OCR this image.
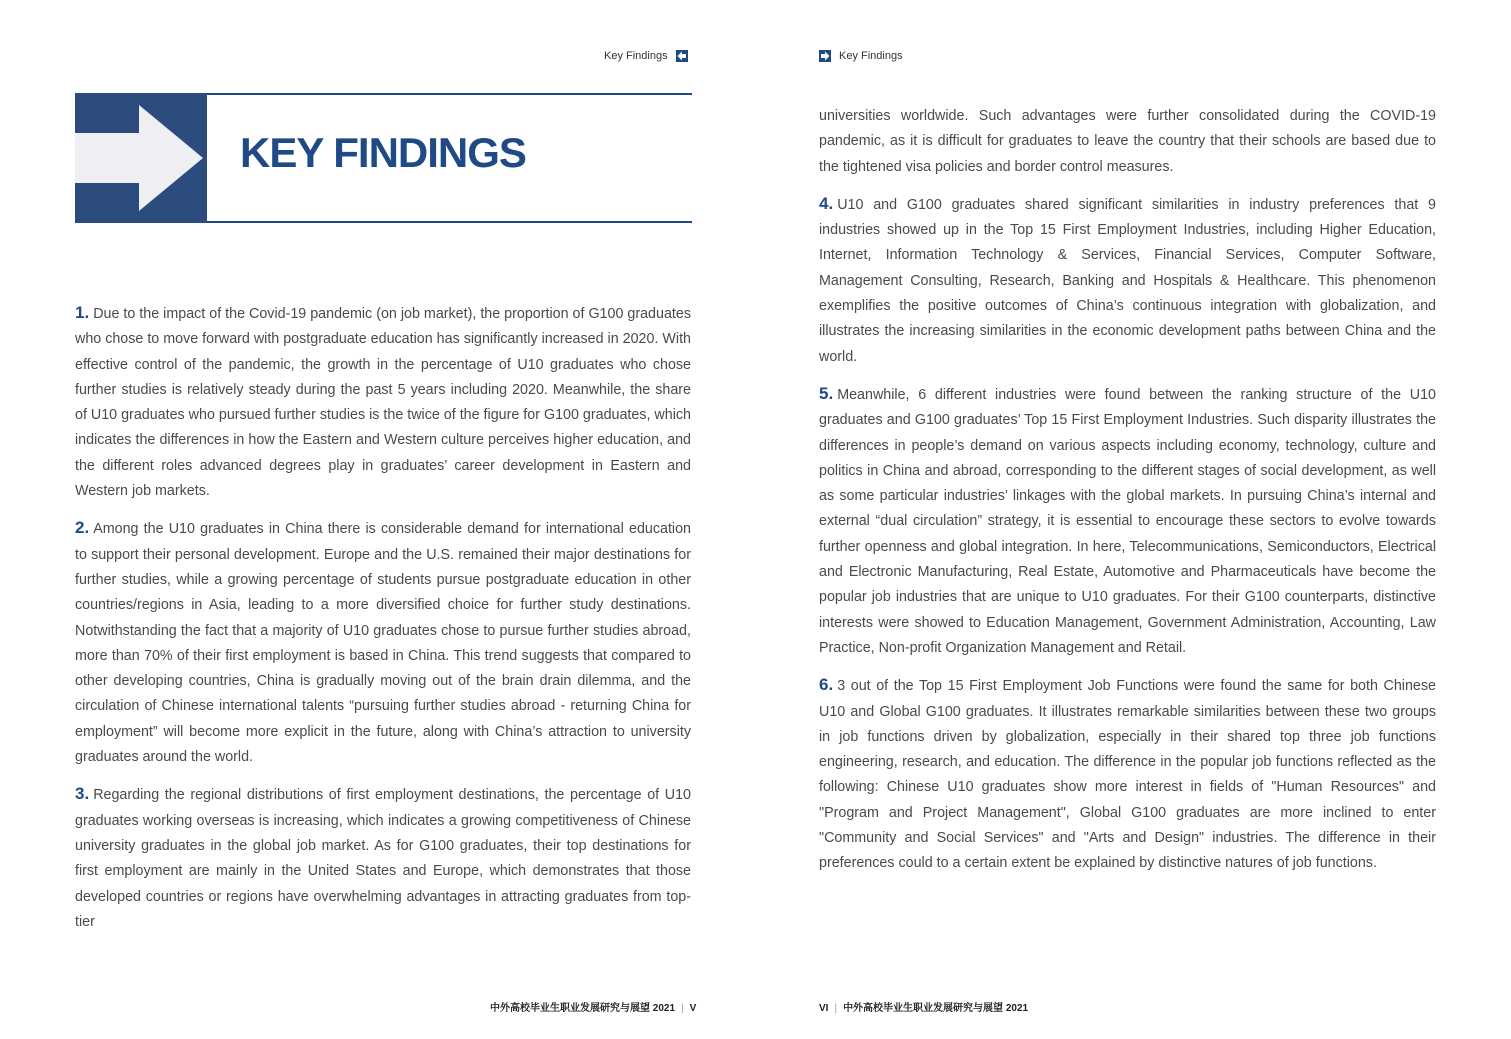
Key Findings	Key Findings
KEY FINDINGS

1. Due to the impact of the Covid-19 pandemic (on job market), the proportion of G100 graduates who chose to move forward with postgraduate education has significantly increased in 2020. With effective control of the pandemic, the growth in the percentage of U10 graduates who chose further studies is relatively steady during the past 5 years including 2020. Meanwhile, the share of U10 graduates who pursued further studies is the twice of the figure for G100 graduates, which indicates the differences in how the Eastern and Western culture perceives higher education, and the different roles advanced degrees play in graduates’ career development in Eastern and Western job markets.

2. Among the U10 graduates in China there is considerable demand for international education to support their personal development. Europe and the U.S. remained their major destinations for further studies, while a growing percentage of students pursue postgraduate education in other countries/regions in Asia, leading to a more diversified choice for further study destinations. Notwithstanding the fact that a majority of U10 graduates chose to pursue further studies abroad, more than 70% of their first employment is based in China. This trend suggests that compared to other developing countries, China is gradually moving out of the brain drain dilemma, and the circulation of Chinese international talents “pursuing further studies abroad - returning China for employment” will become more explicit in the future, along with China’s attraction to university graduates around the world.

3. Regarding the regional distributions of first employment destinations, the percentage of U10 graduates working overseas is increasing, which indicates a growing competitiveness of Chinese university graduates in the global job market. As for G100 graduates, their top destinations for first employment are mainly in the United States and Europe, which demonstrates that those developed countries or regions have overwhelming advantages in attracting graduates from top-tier

universities worldwide. Such advantages were further consolidated during the COVID-19 pandemic, as it is difficult for graduates to leave the country that their schools are based due to the tightened visa policies and border control measures.

4. U10 and G100 graduates shared significant similarities in industry preferences that 9 industries showed up in the Top 15 First Employment Industries, including Higher Education, Internet, Information Technology & Services, Financial Services, Computer Software, Management Consulting, Research, Banking and Hospitals & Healthcare. This phenomenon exemplifies the positive outcomes of China’s continuous integration with globalization, and illustrates the increasing similarities in the economic development paths between China and the world.

5. Meanwhile, 6 different industries were found between the ranking structure of the U10 graduates and G100 graduates’ Top 15 First Employment Industries. Such disparity illustrates the differences in people’s demand on various aspects including economy, technology, culture and politics in China and abroad, corresponding to the different stages of social development, as well as some particular industries’ linkages with the global markets. In pursuing China’s internal and external “dual circulation” strategy, it is essential to encourage these sectors to evolve towards further openness and global integration. In here, Telecommunications, Semiconductors, Electrical and Electronic Manufacturing, Real Estate, Automotive and Pharmaceuticals have become the popular job industries that are unique to U10 graduates. For their G100 counterparts, distinctive interests were showed to Education Management, Government Administration, Accounting, Law Practice, Non-profit Organization Management and Retail.

6. 3 out of the Top 15 First Employment Job Functions were found the same for both Chinese U10 and Global G100 graduates. It illustrates remarkable similarities between these two groups in job functions driven by globalization, especially in their shared top three job functions engineering, research, and education. The difference in the popular job functions reflected as the following: Chinese U10 graduates show more interest in fields of "Human Resources" and "Program and Project Management", Global G100 graduates are more inclined to enter "Community and Social Services" and "Arts and Design" industries. The difference in their preferences could to a certain extent be explained by distinctive natures of job functions.

中外高校毕业生职业发展研究与展望 2021 | V	VI | 中外高校毕业生职业发展研究与展望 2021
